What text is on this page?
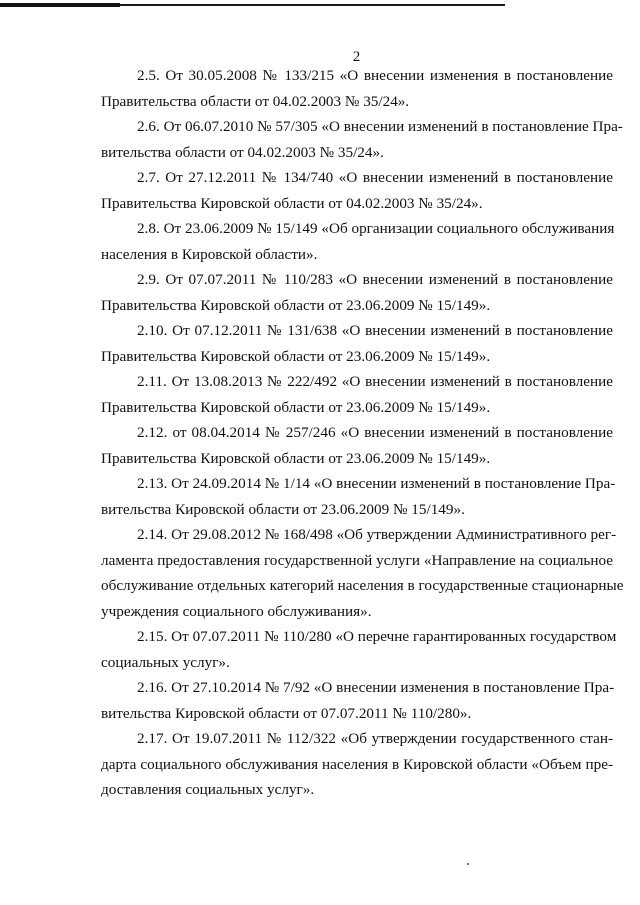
2

2.5. От 30.05.2008 № 133/215 «О внесении изменения в постановление
Правительства области от 04.02.2003 № 35/24».

2.6. От 06.07.2010 № 57/305 «О внесении изменений в постановление Пра-
вительства области от 04.02.2003 № 35/24».

2.7. От 27.12.2011 № 134/740 «О внесении изменений в постановление
Правительства Кировской области от 04.02.2003 № 35/24».

2.8. От 23.06.2009 № 15/149 «Об организации социального обслуживания
населения в Кировской области».

2.9. От 07.07.2011 № 110/283 «О внесении изменений в постановление
Правительства Кировской области от 23.06.2009 № 15/149».

2.10. От 07.12.2011 № 131/638 «О внесении изменений в постановление
Правительства Кировской области от 23.06.2009 № 15/149».

2.11. От 13.08.2013 № 222/492 «О внесении изменений в постановление
Правительства Кировской области от 23.06.2009 № 15/149».

2.12. от 08.04.2014 № 257/246 «О внесении изменений в постановление
Правительства Кировской области от 23.06.2009 № 15/149».

2.13. От 24.09.2014 № 1/14 «О внесении изменений в постановление Пра-
вительства Кировской области от 23.06.2009 № 15/149».

2.14. От 29.08.2012 № 168/498 «Об утверждении Административного рег-
ламента предоставления государственной услуги «Направление на социальное
обслуживание отдельных категорий населения в государственные стационарные
учреждения социального обслуживания».

2.15. От 07.07.2011 № 110/280 «О перечне гарантированных государством
социальных услуг».

2.16. От 27.10.2014 № 7/92 «О внесении изменения в постановление Пра-
вительства Кировской области от 07.07.2011 № 110/280».

2.17. От 19.07.2011 № 112/322 «Об утверждении государственного стан-
дарта социального обслуживания населения в Кировской области «Объем пре-
доставления социальных услуг».
